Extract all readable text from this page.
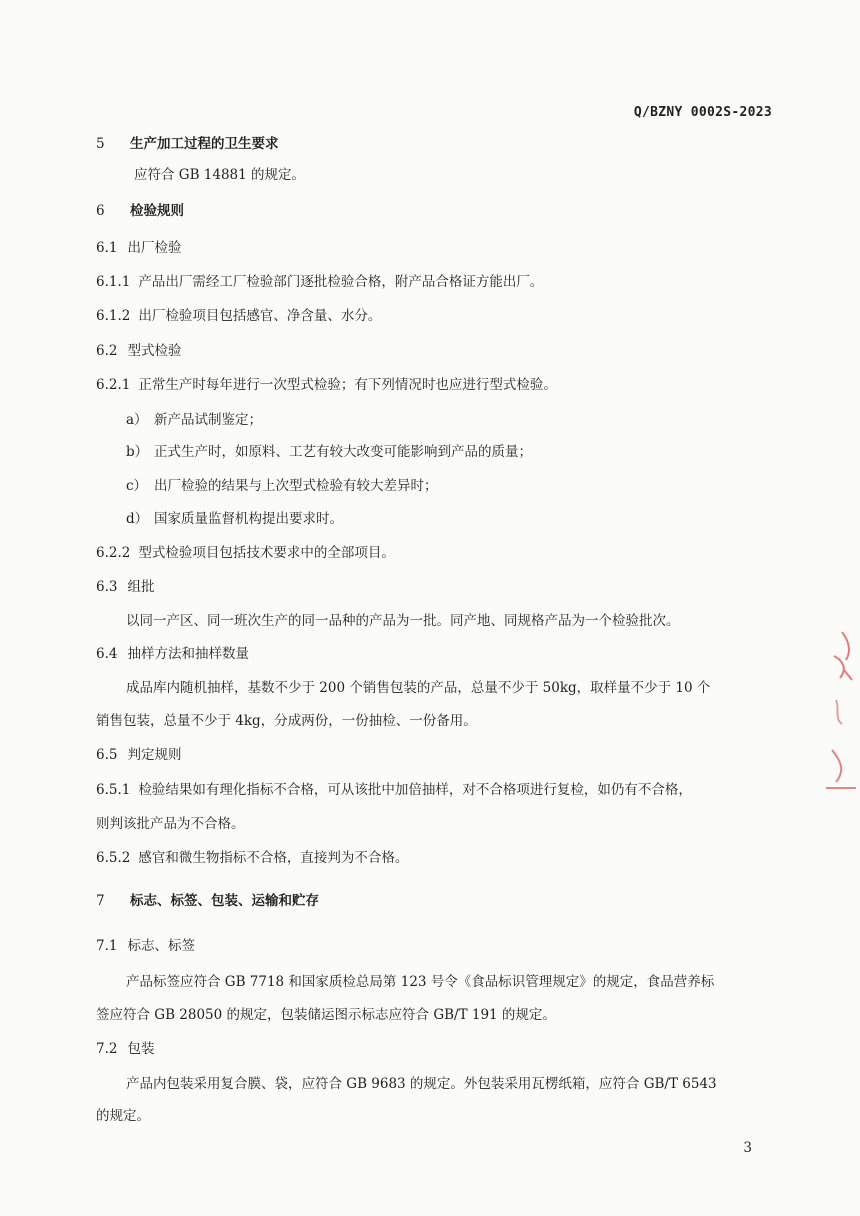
Q/BZNY 0002S-2023
5 生产加工过程的卫生要求
应符合 GB 14881 的规定。
6 检验规则
6.1 出厂检验
6.1.1 产品出厂需经工厂检验部门逐批检验合格，附产品合格证方能出厂。
6.1.2 出厂检验项目包括感官、净含量、水分。
6.2 型式检验
6.2.1 正常生产时每年进行一次型式检验；有下列情况时也应进行型式检验。
a） 新产品试制鉴定；
b） 正式生产时，如原料、工艺有较大改变可能影响到产品的质量；
c） 出厂检验的结果与上次型式检验有较大差异时；
d） 国家质量监督机构提出要求时。
6.2.2 型式检验项目包括技术要求中的全部项目。
6.3 组批
以同一产区、同一班次生产的同一品种的产品为一批。同产地、同规格产品为一个检验批次。
6.4 抽样方法和抽样数量
成品库内随机抽样，基数不少于 200 个销售包装的产品，总量不少于 50kg，取样量不少于 10 个
销售包装，总量不少于 4kg，分成两份，一份抽检、一份备用。
6.5 判定规则
6.5.1 检验结果如有理化指标不合格，可从该批中加倍抽样，对不合格项进行复检，如仍有不合格，
则判该批产品为不合格。
6.5.2 感官和微生物指标不合格，直接判为不合格。
7 标志、标签、包装、运输和贮存
7.1 标志、标签
产品标签应符合 GB 7718 和国家质检总局第 123 号令《食品标识管理规定》的规定，食品营养标
签应符合 GB 28050 的规定，包装储运图示标志应符合 GB/T 191 的规定。
7.2 包装
产品内包装采用复合膜、袋，应符合 GB 9683 的规定。外包装采用瓦楞纸箱，应符合 GB/T 6543
的规定。
3
